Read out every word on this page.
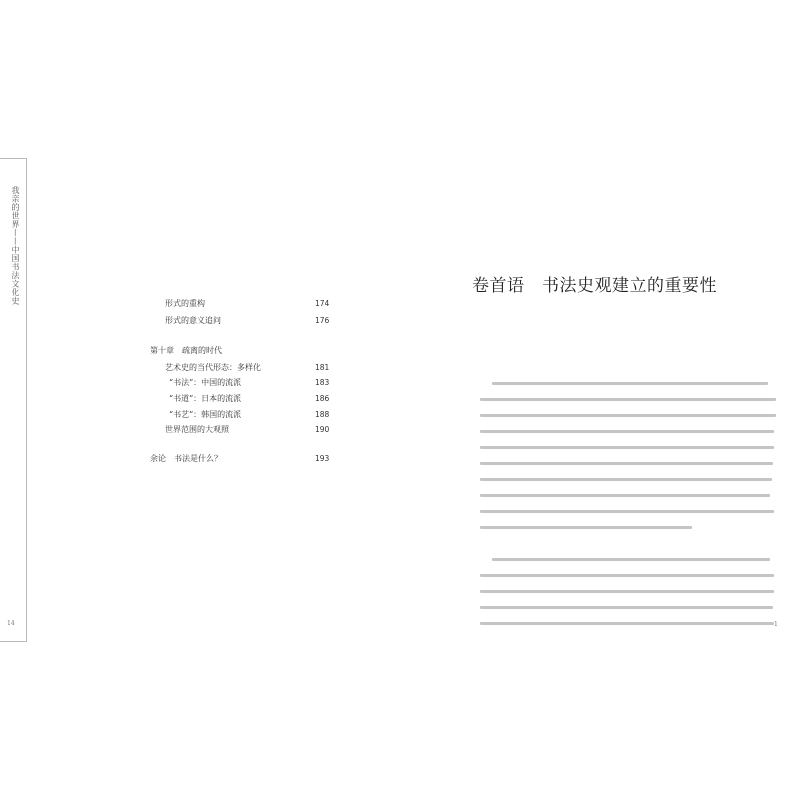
我亲的世界——中国书法文化史
14
形式的重构	174
形式的意义追问	176
第十章　疏离的时代
艺术史的当代形态：多样化	181
“书法”：中国的流派	183
“书道”：日本的流派	186
“书艺”：韩国的流派	188
世界范围的大观照	190
余论　书法是什么？	193
卷首语　书法史观建立的重要性
1
